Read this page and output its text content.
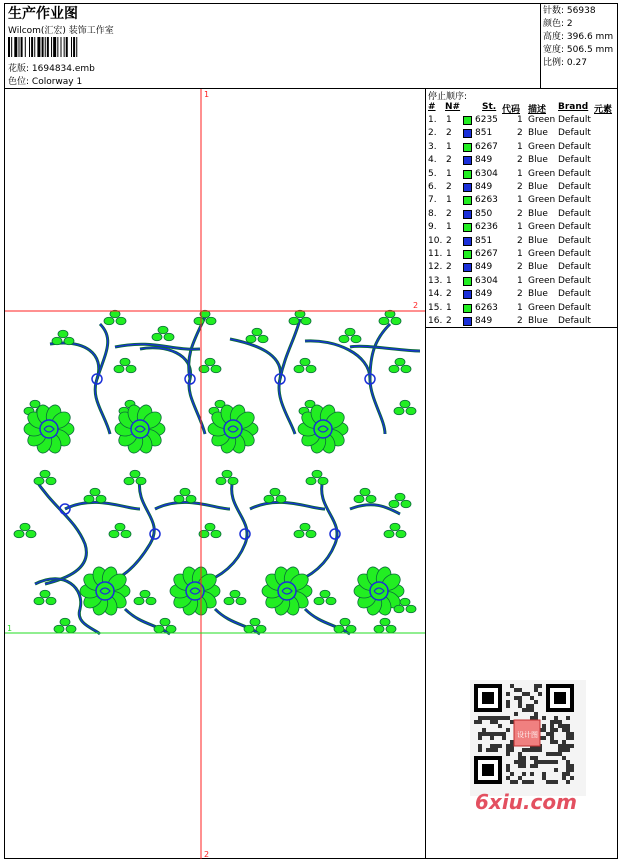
生产作业图
Wilcom(汇宏) 装饰工作室
花版: 1694834.emb
色位: Colorway 1
针数: 56938
颜色: 2
高度: 396.6 mm
宽度: 506.5 mm
比例: 0.27
停止顺序:
# N# St. 代码 描述 Brand 元素
1. 1	6235 1 Green Default
2. 2	851	2 Blue Default
3. 1	6267 1 Green Default
4. 2	849	2 Blue Default
5. 1	6304 1 Green Default
6. 2	849	2 Blue Default
7. 1	6263 1 Green Default
8. 2	850	2 Blue Default
9. 1	6236 1 Green Default
10. 2	851	2 Blue Default
11. 1	6267 1 Green Default
12. 2	849	2 Blue Default
13. 1	6304 1 Green Default
14. 2	849	2 Blue Default
15. 1	6263 1 Green Default
16. 2	849	2 Blue Default
1
2
1
2
设计图
6xiu.com
